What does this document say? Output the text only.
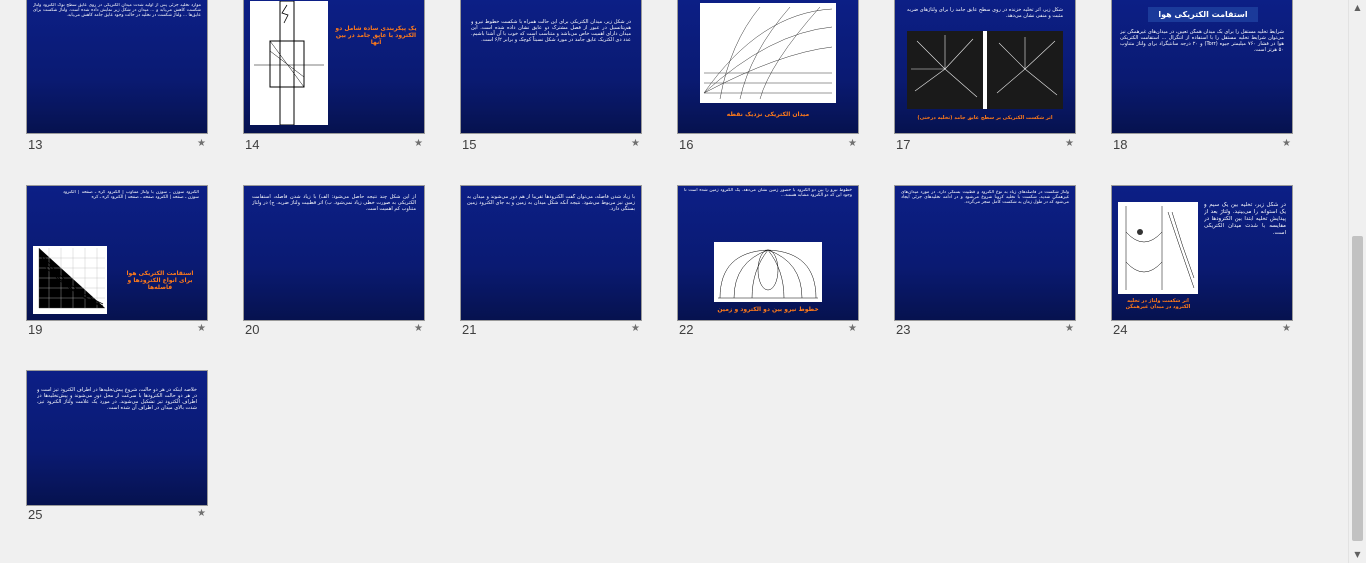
موارد تخلیه جزئی پس از اولیه شدت میدان الکتریکی در روی عایق سطح نوک الکترود ولتاژ شکست کاهش می‌یابد و ... میدان در شکل زیر نمایش داده شده است. ولتاژ شکست برای عایق‌ها ... ولتاژ شکست در تخلیه در حالت وجود عایق جامد کاهش می‌یابد.
13	★
یک پیکربندی ساده شامل دو الکترود با عایق جامد در بین آنها
14	★
در شکل زیر، میدان الکتریکی برای این حالت همراه با شکست خطوط نیرو و هم‌پتانسیل در عبور از فصل مشترک دو عایق نشان داده شده است. این میدان دارای اهمیت خاص می‌باشد و متناسب است که خوب با آن آشنا باشیم. عدد دی الکتریک عایق جامد در مورد شکل نسبتاً کوچک و برابر ۶/۲ است.
15	★
میدان الکتریکی نزدیک نقطه
16	★
شکل زیر، اثر تخلیه خزنده در روی سطح عایق جامد را برای ولتاژهای ضربه مثبت و منفی نشان می‌دهد.
اثر شکست الکتریکی بر سطح عایق جامد (تخلیه درختی)
17	★
استقامت الکتریکی هوا
شرایط تخلیه مستقل را برای یک میدان همگن تعیین، در میدان‌های غیرهمگن نیز می‌توان شرایط تخلیه مستقل را با استفاده از انتگرال ... استقامت الکتریکی هوا در فشار ۷۶۰ میلیمتر جیوه (Torr) و ۲۰ درجه سانتیگراد برای ولتاژ متناوب ۵۰ هرتز است.
18	★
الکترود سوزن ـ سوزن با ولتاژ متناوب | الکترود کره ـ صفحه | الکترود سوزن ـ صفحه | الکترود صفحه ـ صفحه | الکترود کره ـ کره
استقامت الکتریکی هوا برای انواع الکترودها و فاصله‌ها
19	★
از این شکل چند نتیجه حاصل می‌شود: الف) با زیاد شدن فاصله، استقامت الکتریکی به صورت خطی زیاد نمی‌شود. ب) اثر قطبیت ولتاژ ضربه. ج) در ولتاژ متناوب کم اهمیت است.
20	★
با زیاد شدن فاصله، می‌توان گفت الکترودها تقریباً از هم دور می‌شوند و میدان به زمین نیز مربوط می‌شود. نتیجه آنکه شکل میدان به زمین و به جای الکترود زمین بستگی دارد.
21	★
خطوط نیرو را بین دو الکترود با حضور زمین نشان می‌دهد. یک الکترود زمین شده است تا وجود این که دو الکترود مشابه هستند...
خطوط نیرو بین دو الکترود و زمین
22	★
ولتاژ شکست در فاصله‌های زیاد به نوع الکترود و قطبیت بستگی دارد. در مورد میدان‌های غیرهمگن شدید، شکست با تخلیه کرونا شروع می‌شود و در ادامه تخلیه‌های جزئی ایجاد می‌شود که در طول زمان به شکست کامل منجر می‌گردد.
23	★
در شکل زیر، تخلیه بین یک سیم و یک استوانه را می‌بینید. ولتاژ بعد از پیدایش تخلیه ابتدا بین الکترودها در مقایسه با شدت میدان الکتریکی است.
اثر شکست ولتاژ در تخلیه الکترود در میدان غیرهمگن
24	★
خلاصه اینکه در هر دو حالت، شروع پیش‌تخلیه‌ها در اطراف الکترود تیز است و در هر دو حالت الکترود‌ها با سرعت از محل دور می‌شوند و پیش‌تخلیه‌ها در اطراف الکترود تیز تشکیل می‌شوند. در مورد یک علامت ولتاژ الکترود تیز، شدت بالای میدان در اطراف آن شده است.
25	★
▲
▼
